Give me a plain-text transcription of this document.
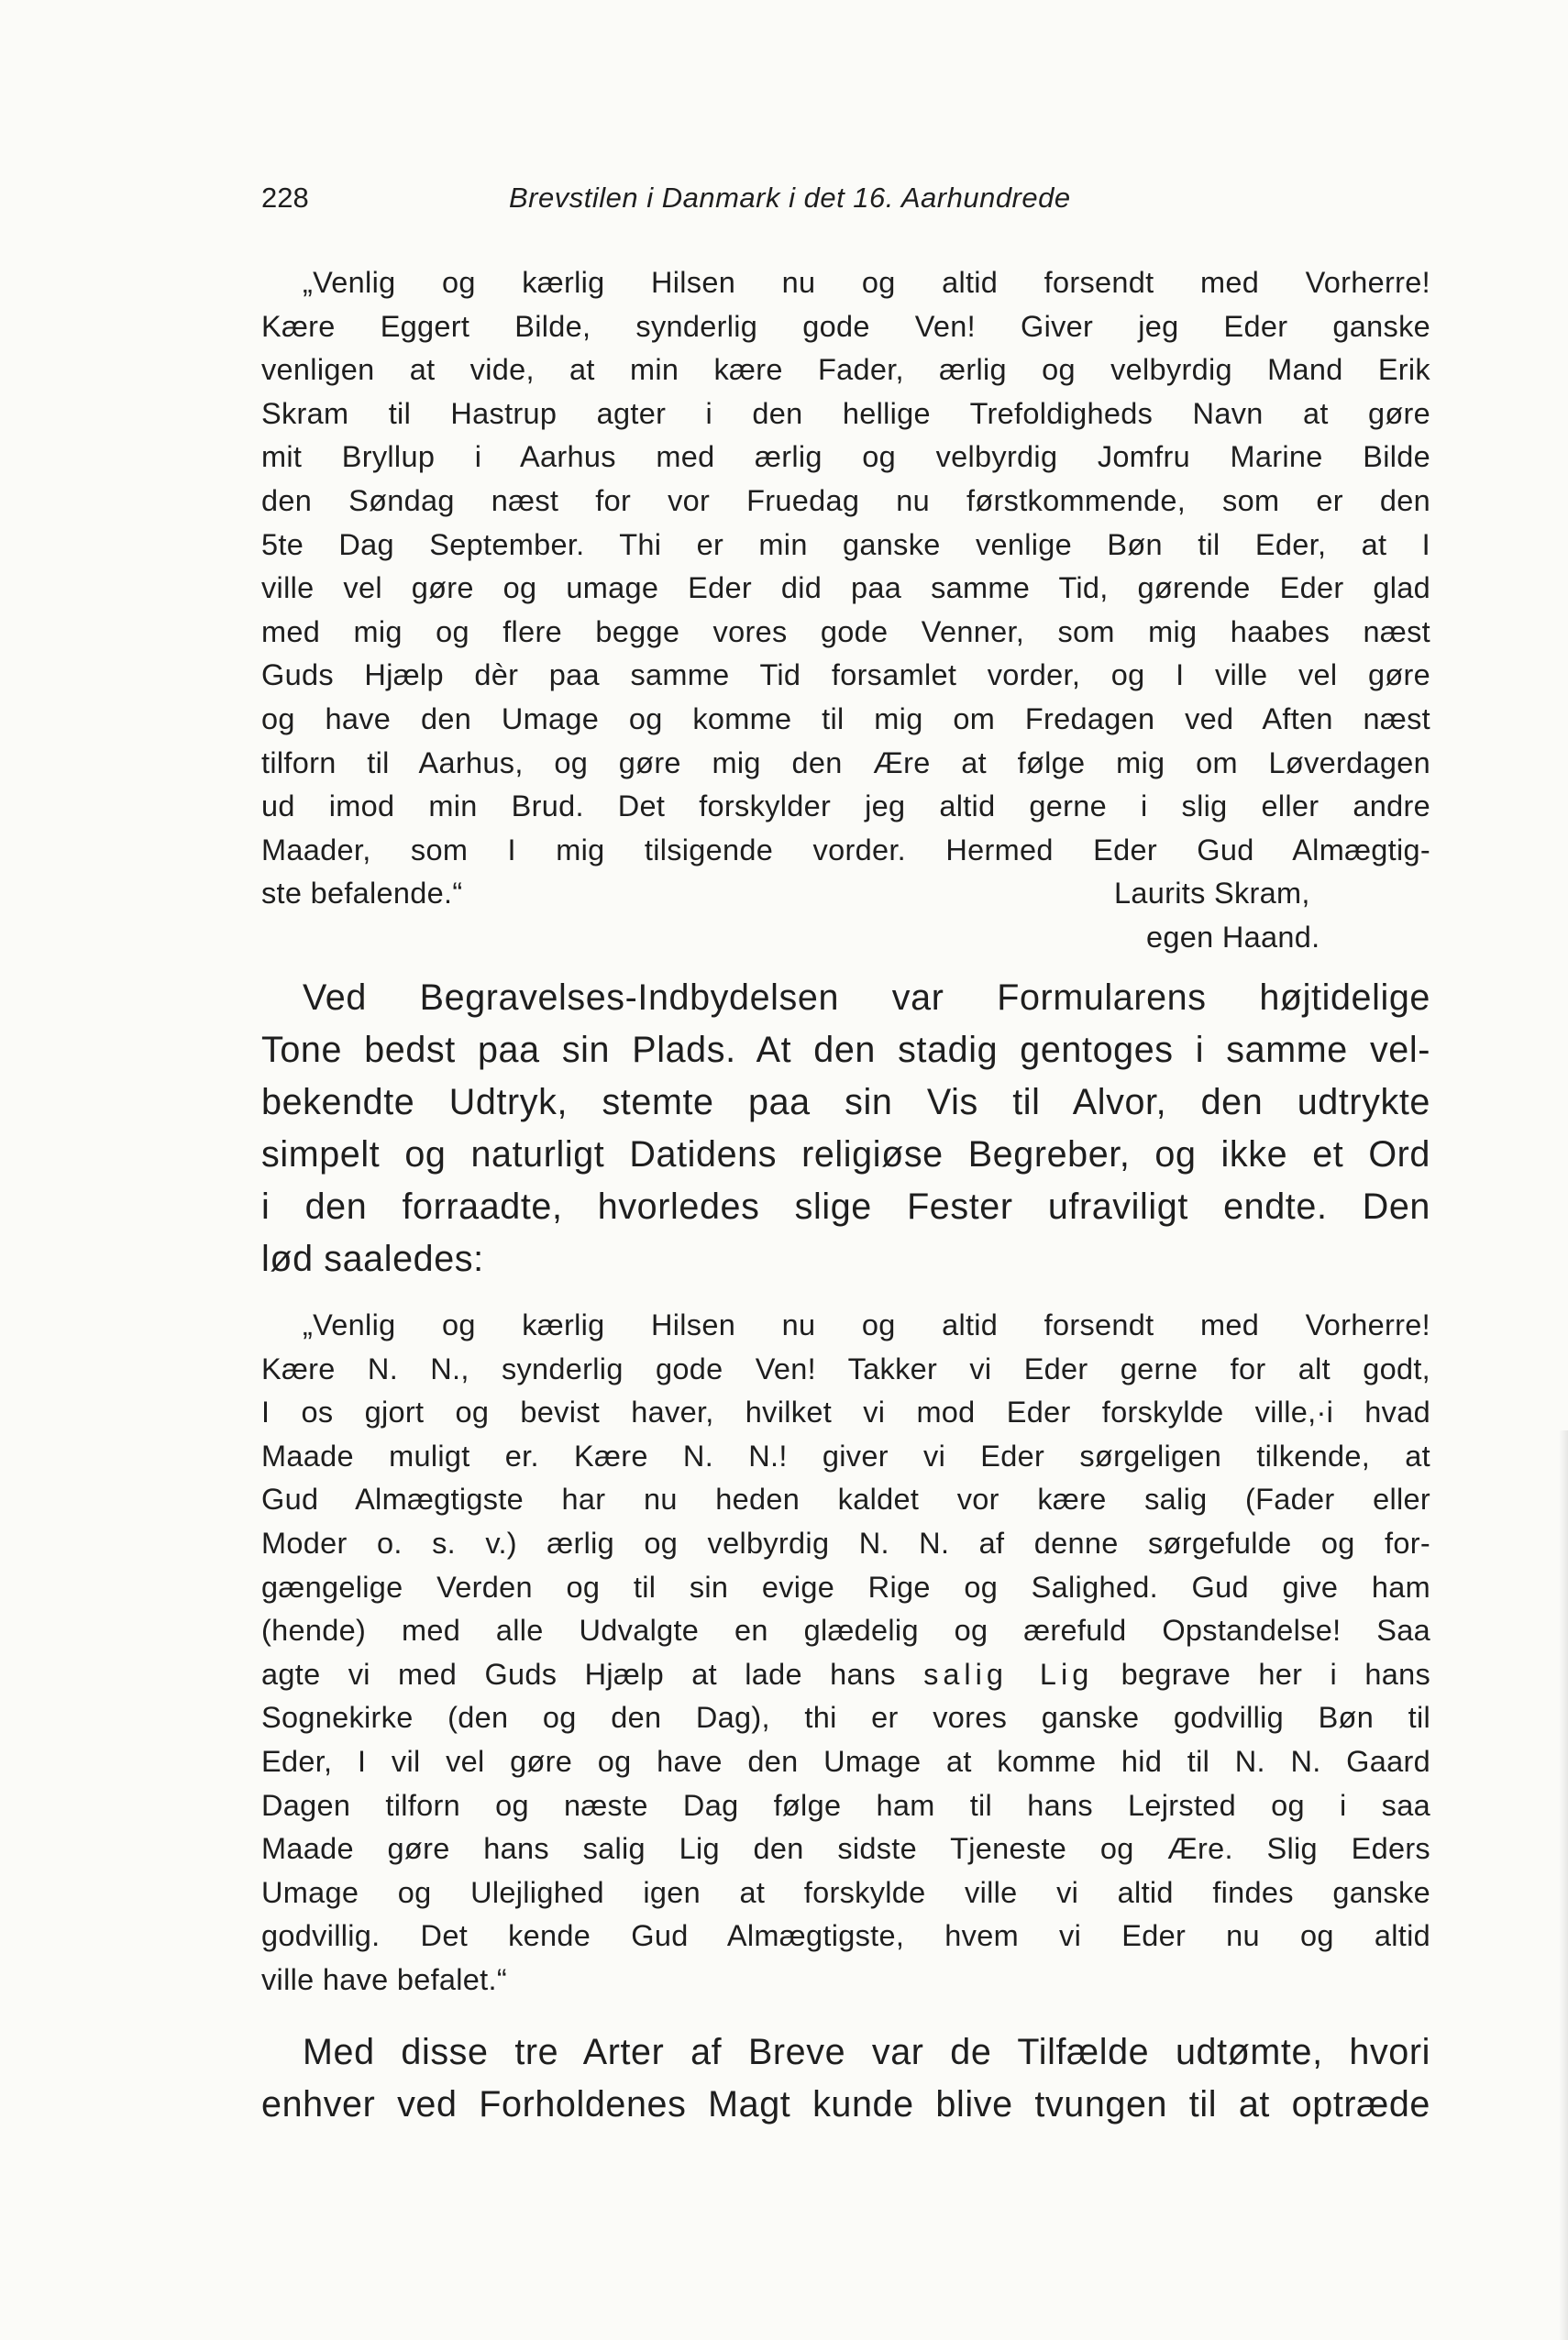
228	Brevstilen i Danmark i det 16. Aarhundrede
„Venlig og kærlig Hilsen nu og altid forsendt med Vorherre!
Kære Eggert Bilde, synderlig gode Ven! Giver jeg Eder ganske
venligen at vide, at min kære Fader, ærlig og velbyrdig Mand Erik
Skram til Hastrup agter i den hellige Trefoldigheds Navn at gøre
mit Bryllup i Aarhus med ærlig og velbyrdig Jomfru Marine Bilde
den Søndag næst for vor Fruedag nu førstkommende, som er den
5te Dag September. Thi er min ganske venlige Bøn til Eder, at I
ville vel gøre og umage Eder did paa samme Tid, gørende Eder glad
med mig og flere begge vores gode Venner, som mig haabes næst
Guds Hjælp dèr paa samme Tid forsamlet vorder, og I ville vel gøre
og have den Umage og komme til mig om Fredagen ved Aften næst
tilforn til Aarhus, og gøre mig den Ære at følge mig om Løverdagen
ud imod min Brud. Det forskylder jeg altid gerne i slig eller andre
Maader, som I mig tilsigende vorder. Hermed Eder Gud Almægtig-
ste befalende.“	Laurits Skram,
egen Haand.
Ved Begravelses-Indbydelsen var Formularens højtidelige
Tone bedst paa sin Plads. At den stadig gentoges i samme vel-
bekendte Udtryk, stemte paa sin Vis til Alvor, den udtrykte
simpelt og naturligt Datidens religiøse Begreber, og ikke et Ord
i den forraadte, hvorledes slige Fester ufraviligt endte. Den
lød saaledes:
„Venlig og kærlig Hilsen nu og altid forsendt med Vorherre!
Kære N. N., synderlig gode Ven! Takker vi Eder gerne for alt godt,
I os gjort og bevist haver, hvilket vi mod Eder forskylde ville,·i hvad
Maade muligt er. Kære N. N.! giver vi Eder sørgeligen tilkende, at
Gud Almægtigste har nu heden kaldet vor kære salig (Fader eller
Moder o. s. v.) ærlig og velbyrdig N. N. af denne sørgefulde og for-
gængelige Verden og til sin evige Rige og Salighed. Gud give ham
(hende) med alle Udvalgte en glædelig og ærefuld Opstandelse! Saa
agte vi med Guds Hjælp at lade hans salig Lig begrave her i hans
Sognekirke (den og den Dag), thi er vores ganske godvillig Bøn til
Eder, I vil vel gøre og have den Umage at komme hid til N. N. Gaard
Dagen tilforn og næste Dag følge ham til hans Lejrsted og i saa
Maade gøre hans salig Lig den sidste Tjeneste og Ære. Slig Eders
Umage og Ulejlighed igen at forskylde ville vi altid findes ganske
godvillig. Det kende Gud Almægtigste, hvem vi Eder nu og altid
ville have befalet.“
Med disse tre Arter af Breve var de Tilfælde udtømte, hvori
enhver ved Forholdenes Magt kunde blive tvungen til at optræde
